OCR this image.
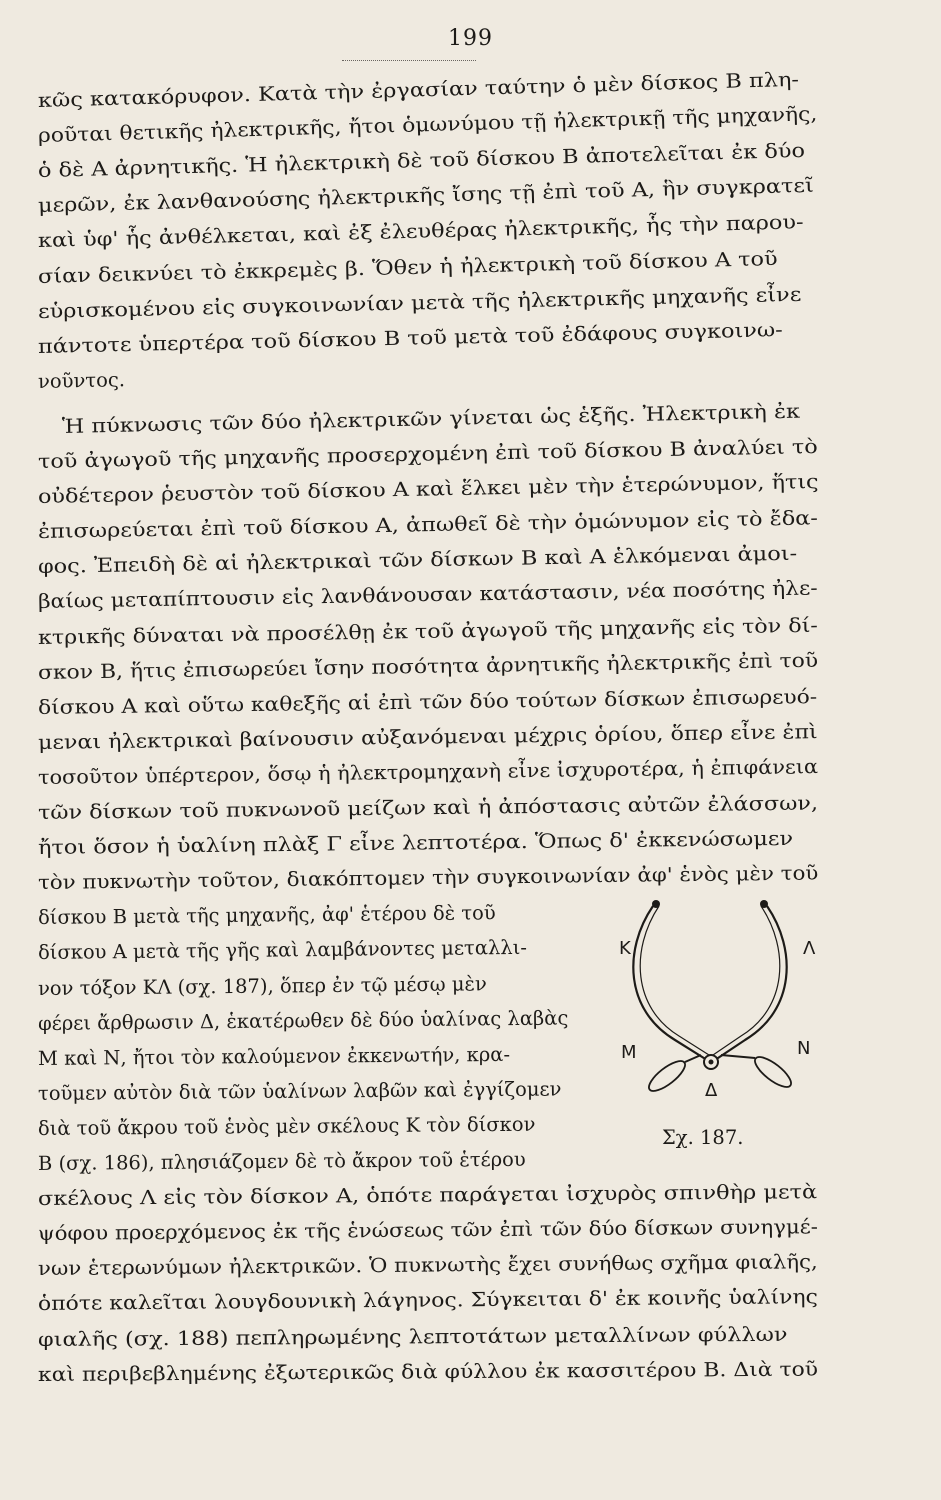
199
κῶς κατακόρυφον. Κατὰ τὴν ἐργασίαν ταύτην ὁ μὲν δίσκος Β πλη-
ροῦται θετικῆς ἠλεκτρικῆς, ἤτοι ὁμωνύμου τῇ ἠλεκτρικῇ τῆς μηχανῆς,
ὁ δὲ Α ἀρνητικῆς. Ἡ ἠλεκτρικὴ δὲ τοῦ δίσκου Β ἀποτελεῖται ἐκ δύο
μερῶν, ἐκ λανθανούσης ἠλεκτρικῆς ἴσης τῇ ἐπὶ τοῦ Α, ἣν συγκρατεῖ
καὶ ὑφ' ἧς ἀνθέλκεται, καὶ ἐξ ἐλευθέρας ἠλεκτρικῆς, ἧς τὴν παρου-
σίαν δεικνύει τὸ ἐκκρεμὲς β. Ὅθεν ἡ ἠλεκτρικὴ τοῦ δίσκου Α τοῦ
εὑρισκομένου εἰς συγκοινωνίαν μετὰ τῆς ἠλεκτρικῆς μηχανῆς εἶνε
πάντοτε ὑπερτέρα τοῦ δίσκου Β τοῦ μετὰ τοῦ ἐδάφους συγκοινω-
νοῦντος.
Ἡ πύκνωσις τῶν δύο ἠλεκτρικῶν γίνεται ὡς ἑξῆς. Ἠλεκτρικὴ ἐκ
τοῦ ἀγωγοῦ τῆς μηχανῆς προσερχομένη ἐπὶ τοῦ δίσκου Β ἀναλύει τὸ
οὐδέτερον ῥευστὸν τοῦ δίσκου Α καὶ ἕλκει μὲν τὴν ἑτερώνυμον, ἥτις
ἐπισωρεύεται ἐπὶ τοῦ δίσκου Α, ἀπωθεῖ δὲ τὴν ὁμώνυμον εἰς τὸ ἔδα-
φος. Ἐπειδὴ δὲ αἱ ἠλεκτρικαὶ τῶν δίσκων Β καὶ Α ἑλκόμεναι ἀμοι-
βαίως μεταπίπτουσιν εἰς λανθάνουσαν κατάστασιν, νέα ποσότης ἠλε-
κτρικῆς δύναται νὰ προσέλθῃ ἐκ τοῦ ἀγωγοῦ τῆς μηχανῆς εἰς τὸν δί-
σκον Β, ἥτις ἐπισωρεύει ἴσην ποσότητα ἀρνητικῆς ἠλεκτρικῆς ἐπὶ τοῦ
δίσκου Α καὶ οὕτω καθεξῆς αἱ ἐπὶ τῶν δύο τούτων δίσκων ἐπισωρευό-
μεναι ἠλεκτρικαὶ βαίνουσιν αὐξανόμεναι μέχρις ὁρίου, ὅπερ εἶνε ἐπὶ
τοσοῦτον ὑπέρτερον, ὅσῳ ἡ ἠλεκτρομηχανὴ εἶνε ἰσχυροτέρα, ἡ ἐπιφάνεια
τῶν δίσκων τοῦ πυκνωνοῦ μείζων καὶ ἡ ἀπόστασις αὐτῶν ἐλάσσων,
ἤτοι ὅσον ἡ ὑαλίνη πλὰξ Γ εἶνε λεπτοτέρα. Ὅπως δ' ἐκκενώσωμεν
τὸν πυκνωτὴν τοῦτον, διακόπτομεν τὴν συγκοινωνίαν ἀφ' ἑνὸς μὲν τοῦ
δίσκου Β μετὰ τῆς μηχανῆς, ἀφ' ἑτέρου δὲ τοῦ
δίσκου Α μετὰ τῆς γῆς καὶ λαμβάνοντες μεταλλι-
νον τόξον ΚΛ (σχ. 187), ὅπερ ἐν τῷ μέσῳ μὲν
φέρει ἄρθρωσιν Δ, ἑκατέρωθεν δὲ δύο ὑαλίνας λαβὰς
Μ καὶ Ν, ἤτοι τὸν καλούμενον ἐκκενωτήν, κρα-
τοῦμεν αὐτὸν διὰ τῶν ὑαλίνων λαβῶν καὶ ἐγγίζομεν
διὰ τοῦ ἄκρου τοῦ ἑνὸς μὲν σκέλους Κ τὸν δίσκον
Β (σχ. 186), πλησιάζομεν δὲ τὸ ἄκρον τοῦ ἑτέρου
σκέλους Λ εἰς τὸν δίσκον Α, ὁπότε παράγεται ἰσχυρὸς σπινθὴρ μετὰ
ψόφου προερχόμενος ἐκ τῆς ἑνώσεως τῶν ἐπὶ τῶν δύο δίσκων συνηγμέ-
νων ἑτερωνύμων ἠλεκτρικῶν. Ὁ πυκνωτὴς ἔχει συνήθως σχῆμα φιαλῆς,
ὁπότε καλεῖται λουγδουνικὴ λάγηνος. Σύγκειται δ' ἐκ κοινῆς ὑαλίνης
φιαλῆς (σχ. 188) πεπληρωμένης λεπτοτάτων μεταλλίνων φύλλων
καὶ περιβεβλημένης ἐξωτερικῶς διὰ φύλλου ἐκ κασσιτέρου Β. Διὰ τοῦ
Κ	Λ
Μ	Ν
Δ
Σχ. 187.
